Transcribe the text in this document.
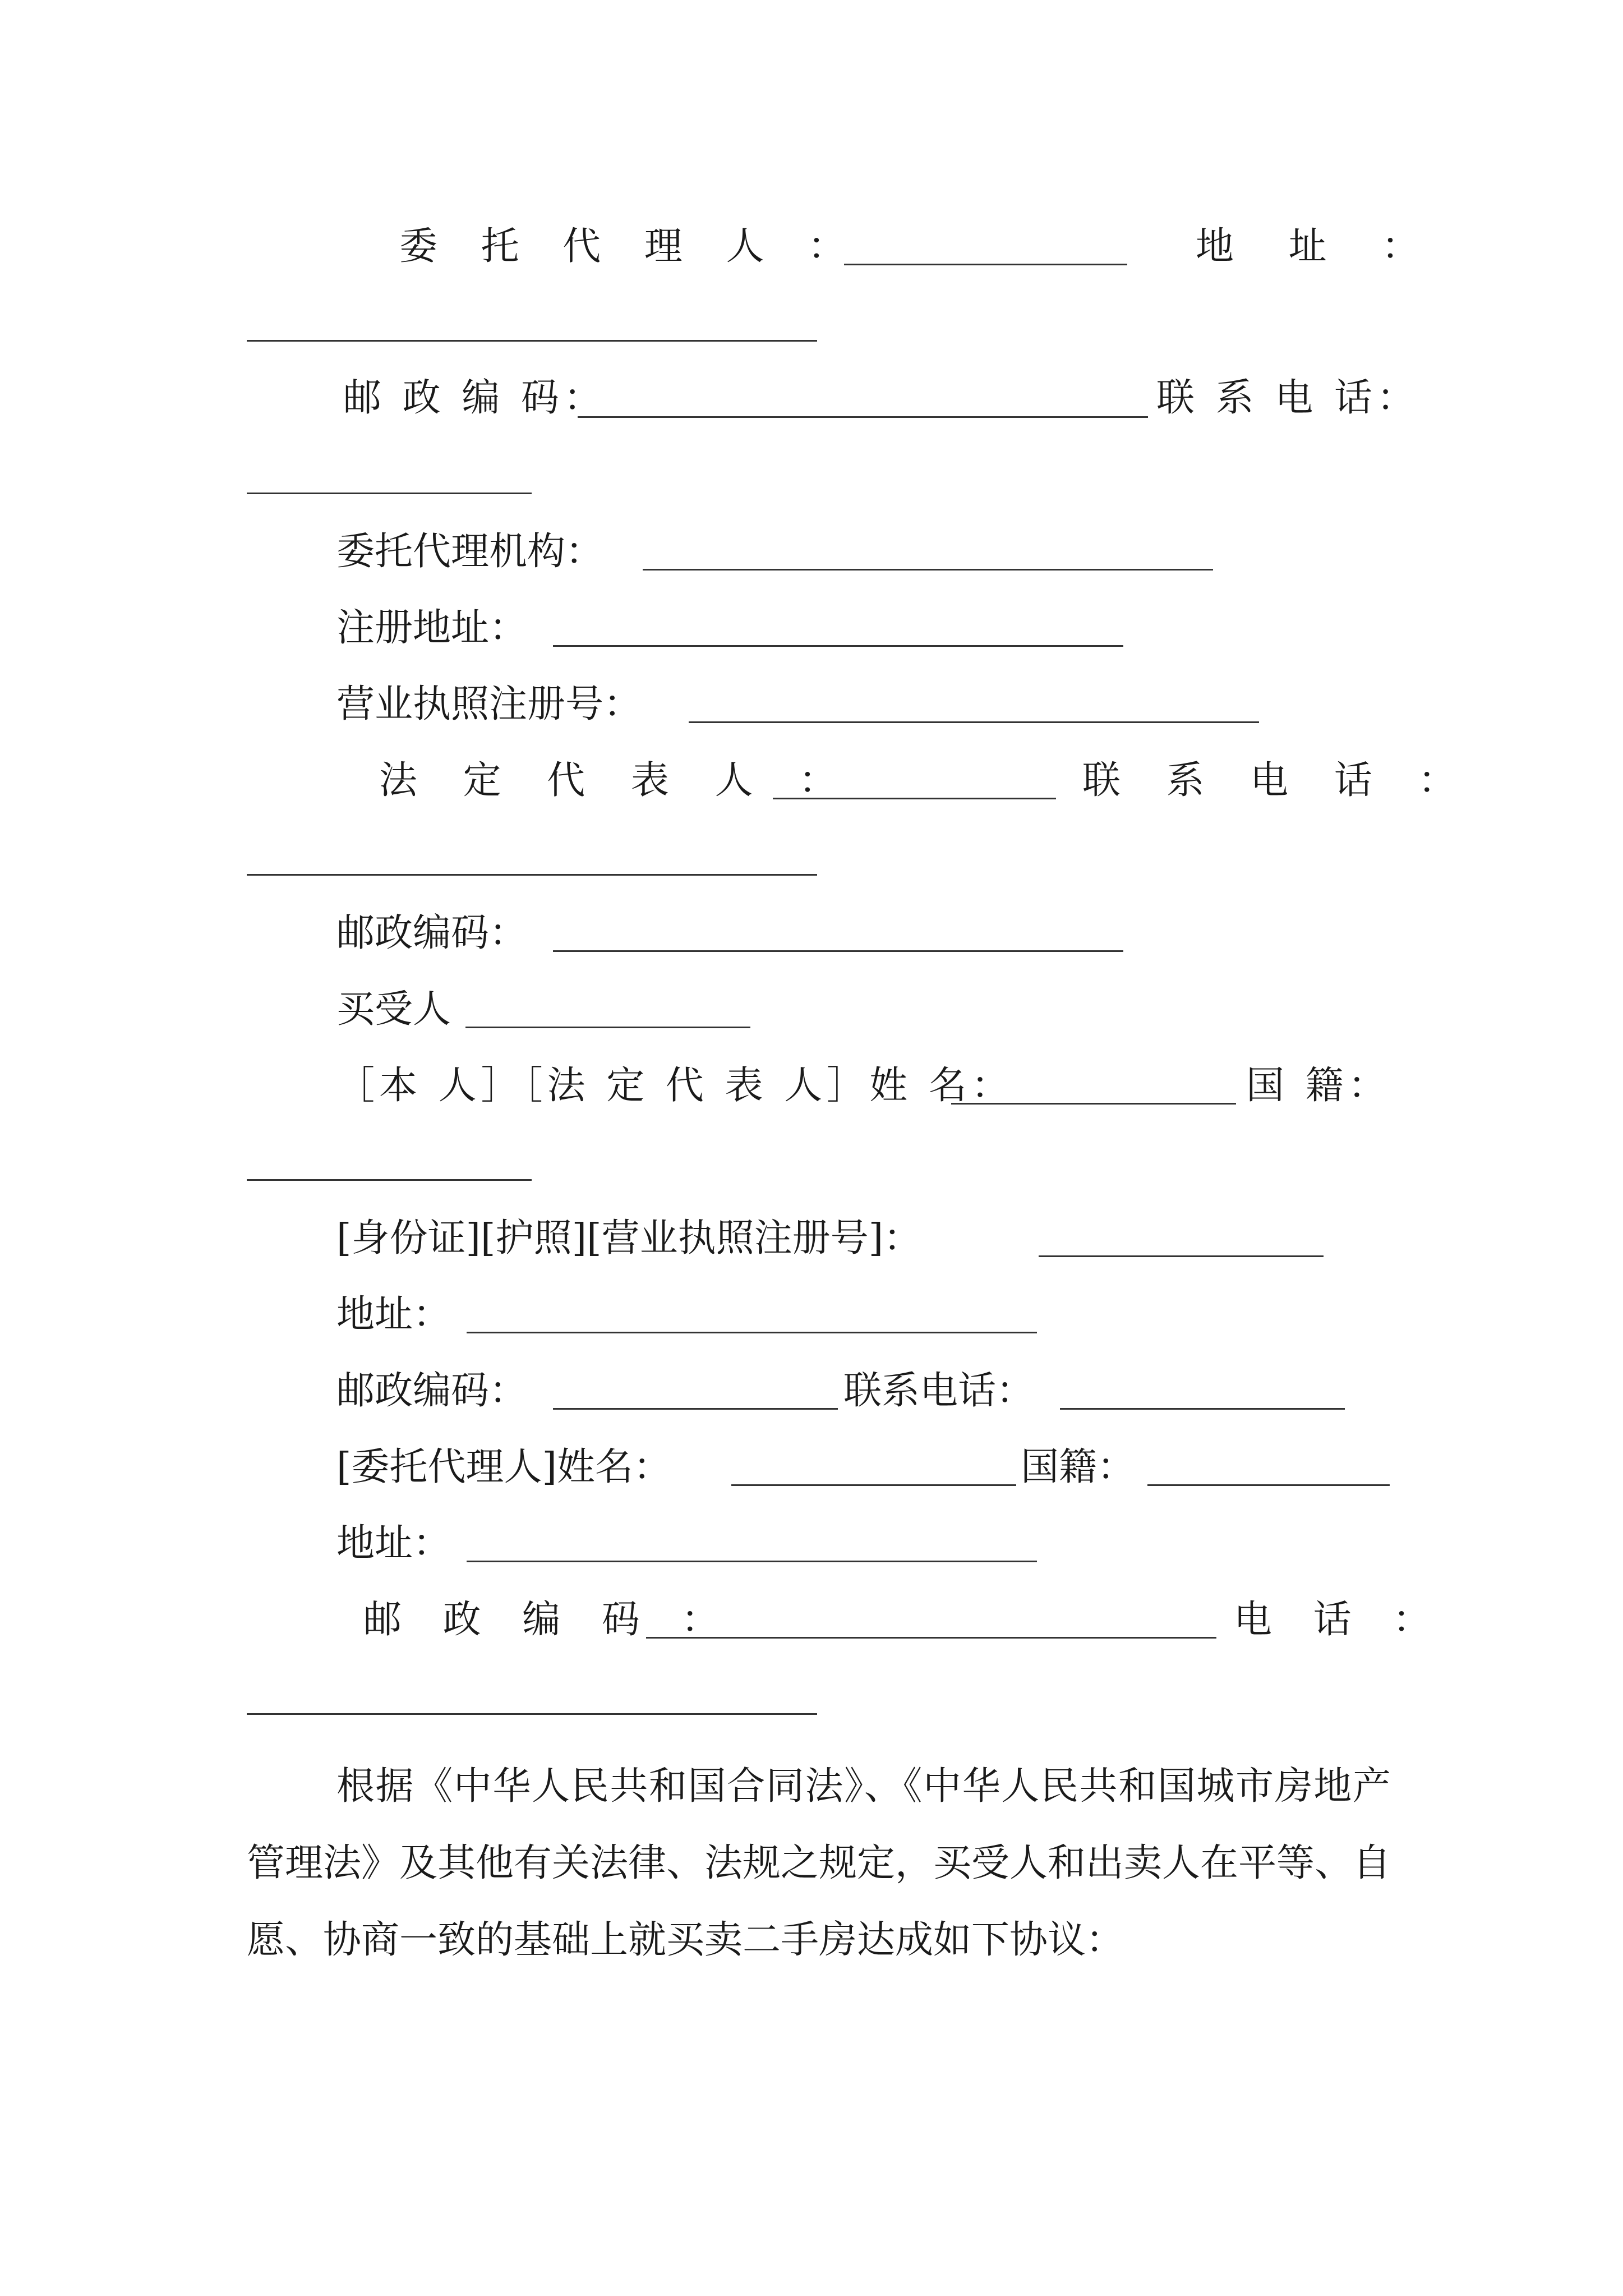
委 托 代 理 人 ：	地 址 ：
邮 政 编 码：	联 系 电 话：
委托代理机构：
注册地址：
营业执照注册号：
法 定 代 表 人 ：	联 系 电 话 ：
邮政编码：
买受人
［本 人］［法 定 代 表 人］姓 名：	国 籍：
[身份证][护照][营业执照注册号]：
地址：
邮政编码：	联系电话：
[委托代理人]姓名：	国籍：
地址：
邮 政 编 码 ：	电 话 ：
根据《中华人民共和国合同法》、《中华人民共和国城市房地产管理法》及其他有关法律、法规之规定，买受人和出卖人在平等、自愿、协商一致的基础上就买卖二手房达成如下协议：
